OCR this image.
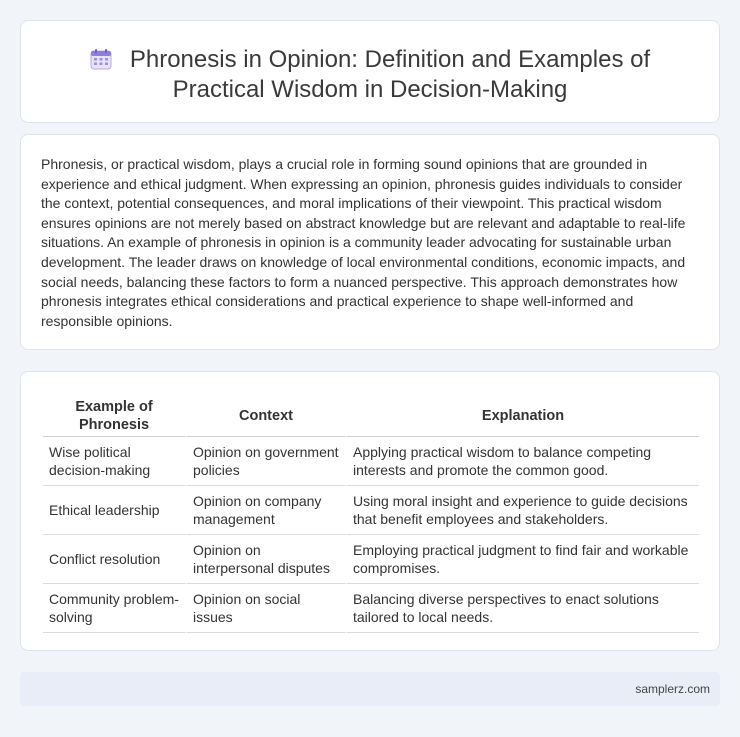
Phronesis in Opinion: Definition and Examples of
Practical Wisdom in Decision-Making

Phronesis, or practical wisdom, plays a crucial role in forming sound opinions that are grounded in experience and ethical judgment. When expressing an opinion, phronesis guides individuals to consider the context, potential consequences, and moral implications of their viewpoint. This practical wisdom ensures opinions are not merely based on abstract knowledge but are relevant and adaptable to real-life situations. An example of phronesis in opinion is a community leader advocating for sustainable urban development. The leader draws on knowledge of local environmental conditions, economic impacts, and social needs, balancing these factors to form a nuanced perspective. This approach demonstrates how phronesis integrates ethical considerations and practical experience to shape well-informed and responsible opinions.

Example of Phronesis	Context	Explanation
Wise political decision-making	Opinion on government policies	Applying practical wisdom to balance competing interests and promote the common good.
Ethical leadership	Opinion on company management	Using moral insight and experience to guide decisions that benefit employees and stakeholders.
Conflict resolution	Opinion on interpersonal disputes	Employing practical judgment to find fair and workable compromises.
Community problem-solving	Opinion on social issues	Balancing diverse perspectives to enact solutions tailored to local needs.
samplerz.com
